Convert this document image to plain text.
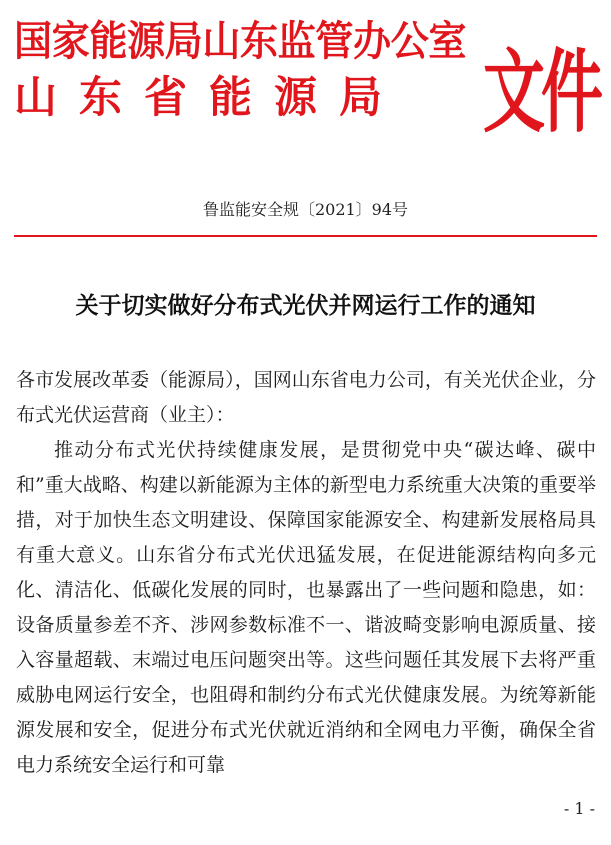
国家能源局山东监管办公室
山东省能源局 文件
鲁监能安全规〔2021〕94号
关于切实做好分布式光伏并网运行工作的通知

各市发展改革委（能源局），国网山东省电力公司，有关光伏企业，分布式光伏运营商（业主）：

推动分布式光伏持续健康发展，是贯彻党中央“碳达峰、碳中和”重大战略、构建以新能源为主体的新型电力系统重大决策的重要举措，对于加快生态文明建设、保障国家能源安全、构建新发展格局具有重大意义。山东省分布式光伏迅猛发展，在促进能源结构向多元化、清洁化、低碳化发展的同时，也暴露出了一些问题和隐患，如：设备质量参差不齐、涉网参数标准不一、谐波畸变影响电源质量、接入容量超载、末端过电压问题突出等。这些问题任其发展下去将严重威胁电网运行安全，也阻碍和制约分布式光伏健康发展。为统筹新能源发展和安全，促进分布式光伏就近消纳和全网电力平衡，确保全省电力系统安全运行和可靠

- 1 -
